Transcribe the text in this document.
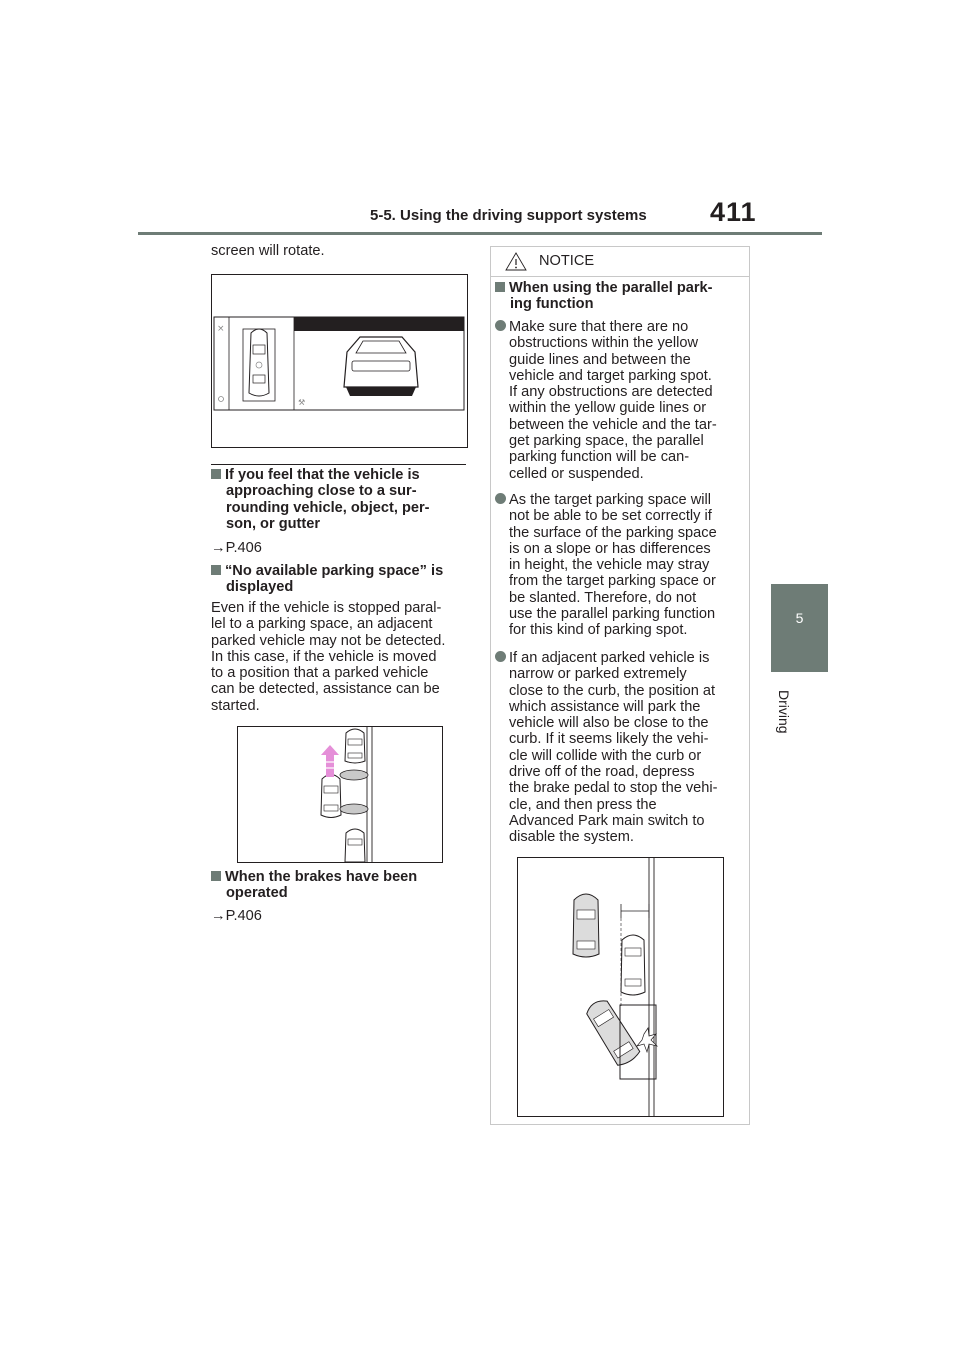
5-5. Using the driving support systems 411
5
Driving
screen will rotate.
×
⚒
If you feel that the vehicle is
approaching close to a sur-
rounding vehicle, object, per-
son, or gutter
→P.406
“No available parking space” is
displayed
Even if the vehicle is stopped paral-
lel to a parking space, an adjacent
parked vehicle may not be detected.
In this case, if the vehicle is moved
to a position that a parked vehicle
can be detected, assistance can be
started.
When the brakes have been
operated
→P.406
NOTICE
When using the parallel park-
ing function
Make sure that there are no
obstructions within the yellow
guide lines and between the
vehicle and target parking spot.
If any obstructions are detected
within the yellow guide lines or
between the vehicle and the tar-
get parking space, the parallel
parking function will be can-
celled or suspended.
As the target parking space will
not be able to be set correctly if
the surface of the parking space
is on a slope or has differences
in height, the vehicle may stray
from the target parking space or
be slanted. Therefore, do not
use the parallel parking function
for this kind of parking spot.
If an adjacent parked vehicle is
narrow or parked extremely
close to the curb, the position at
which assistance will park the
vehicle will also be close to the
curb. If it seems likely the vehi-
cle will collide with the curb or
drive off of the road, depress
the brake pedal to stop the vehi-
cle, and then press the
Advanced Park main switch to
disable the system.
